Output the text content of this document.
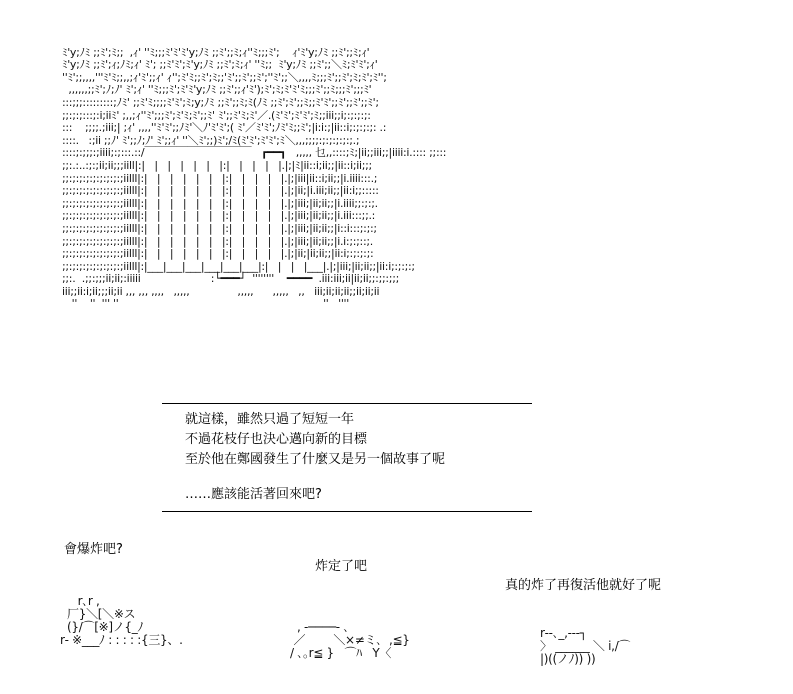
ﾐ'y;ﾉﾐ ;;ﾐ';ﾐ;;  ,ｨ' ''ﾐ;;;ﾐ'ﾐ'ﾐ'y;ﾉﾐ ;;ﾐ';;ﾐ;ｨ''ﾐ;;;ﾐ';    ｨ'ﾐ'y;ﾉﾐ ;;ﾐ';;ﾐ;ｨ'
ﾐ'y;ﾉﾐ ;;ﾐ';ｨ;ﾉﾐ;ｨ' ﾐ'; ;;ﾐ'ﾐ';ﾐ'y;ﾉﾐ ;;ﾐ';ﾐ;ｨ' ''ﾐ;;  ﾐ'y;ﾉﾐ ;;ﾐ';;＼ﾐ;ﾐ'ﾐ';ｨ'
''ﾐ';;,,,,'''ﾐ'ﾐ;;,,;ｨ'ﾐ';;ｨ' ｨ'';ﾐ'ﾐ;;ﾐ';ﾐ;;'ﾐ';;ﾐ';;ﾐ';''ﾐ';;＼,,,,ﾐ;;;ﾐ';;ﾐ';ﾐ;ﾐ';ﾐ'';
,,,,,,;;ﾐ';ﾉ;ﾉ' ﾐ';ｨ' ''ﾐ;;;ﾐ';ﾐ'ﾐ'y;ﾉﾐ ;;ﾐ';;ｨ'ﾐ');ﾐ';ﾐ;ﾐ'ﾐ'ﾐ;;;ﾐ';;ﾐ;;;ﾐ';;;ﾐ'
:::;;;:::::::::;ﾉﾐ' ;;ﾐ'ﾐ;;;;ﾐ'ﾐ';ﾐ;y;ﾉﾐ ;;ﾐ';;ﾐ;ﾐ(ﾉﾐ ;;ﾐ';ﾐ';;ﾐ;;ﾐ'ﾐ';;ﾐ';;ﾐ';;ﾐ';
;;:;:;:::;:i;iiﾐ' ;,,;ｨ''ﾐ';;;ﾐ';ﾐ'ﾐ;ﾐ';;ﾐ' ﾐ';;ﾐ'ﾐ;ﾐ'／.(ﾐ'ﾐ';ﾐ'ﾐ';ﾐ;;iii;;i;:;:;:;:
:::    ;;;;.;iii;| ;ｨ' ,,,,''ﾐ'ﾐ';;ﾉﾐ'＼ﾉ'ﾐ'ﾐ';( ﾐ'／ﾐ'ﾐ';ﾉﾐ'ﾐ;;ﾐ';|i:i:;|ii::i;:;:;:;: .:
::::.   :;ii ;;ﾉ' ﾐ';;ﾉ;ﾉ' ﾐ';;ｨ' ''＼ﾐ';;)ﾐ';/ﾐ(ﾐ'ﾐ';ﾐ'ﾐ';ﾐ＼,,,;;;;:;:;:;:;:;.;
::::;:;;;:;iiii;:;:::.::/￣￣￣￣￣￣￣￣￣￣   ┏━━┓   ,,,,, 乜,,::::;ﾐ;|ii;;iii;;|iiii:i.:::: ;;:::
;;:.:..:;:;ii;ii;;;iill|:|   |   |   |   |   |   |:|   |   |   |   |.|;|ﾐ|ii::i;ii;;|ii::i;ii;;;
;;:;:;:;:;:;:;:;:;iilll|:|   |   |   |   |   |   |:|   |   |   |   |.|;|iii|ii::i;ii;;|i.iiii:::.;
;;:;:;:;:;:;:;:;:;iilll|:|   |   |   |   |   |   |:|   |   |   |   |.|;|ii;|i.iii;ii;;|ii:i;;:::::
;;:;:;:;:;:;:;:;:;iilll|:|   |   |   |   |   |   |:|   |   |   |   |.|;|iii;|ii;ii;;|i.iiii;;:;:;.
;;:;:;:;:;:;:;:;:;iilll|:|   |   |   |   |   |   |:|   |   |   |   |.|;|iii;|ii;ii;;|i.iii:::;;.:
;;:;:;:;:;:;:;:;:;iilll|:|   |   |   |   |   |   |:|   |   |   |   |.|;|iii;|ii;ii;;|i::i:::;:;:;
;;:;:;:;:;:;:;:;:;iilll|:|   |   |   |   |   |   |:|   |   |   |   |.|;|iii;|ii;ii;;|i.i:;:;::;.
;;:;:;:;:;:;:;:;:;iilll|:|   |   |   |   |   |   |:|   |   |   |   |.|;|ii;|ii;ii;;|ii:i;:;:;:;:
;;:;:;:;:;:;:;:;:;iilll|:|___|___|___|___|___|___|:|   |   |   |___|.|;|iii;|ii;ii;;|ii:i;:;:;:;
;;:.  .;;:;;;ii;ii;:iiiii                      :└━━━┘  ''''''''    ━━━━  .iii:iii;ii|ii;ii;;:;;:;;;
iii;;ii:i;ii;;;ii;ii ,,, ,,, ,,,,   ,,,,,               ,,,,,      ,,,,,   ,,   iii;ii;ii;ii;;ii;ii;ii
''    ''  ''' ''                                                                ''   ''''

就這樣，雖然只過了短短一年
不過花枝仔也決心邁向新的目標
至於他在鄭國發生了什麼又是另一個故事了呢
……應該能活著回來吧?
會爆炸吧?
炸定了吧
真的炸了再復活他就好了呢

r､r ,
厂}＼[＼※ス
(}/⌒[※]ノ{_ﾉ
r‐ ※___ﾉ : : : : :{三}、.

, -────- ､
／        ＼×≠ミ､  ,≦}
/ ､｡r≦ }   ⌒ﾊ   Y〈

r‐‐､_,‐‐‐┐
〉 ______ ＼ i,/⌒
|)((ノﾉ)) ))
